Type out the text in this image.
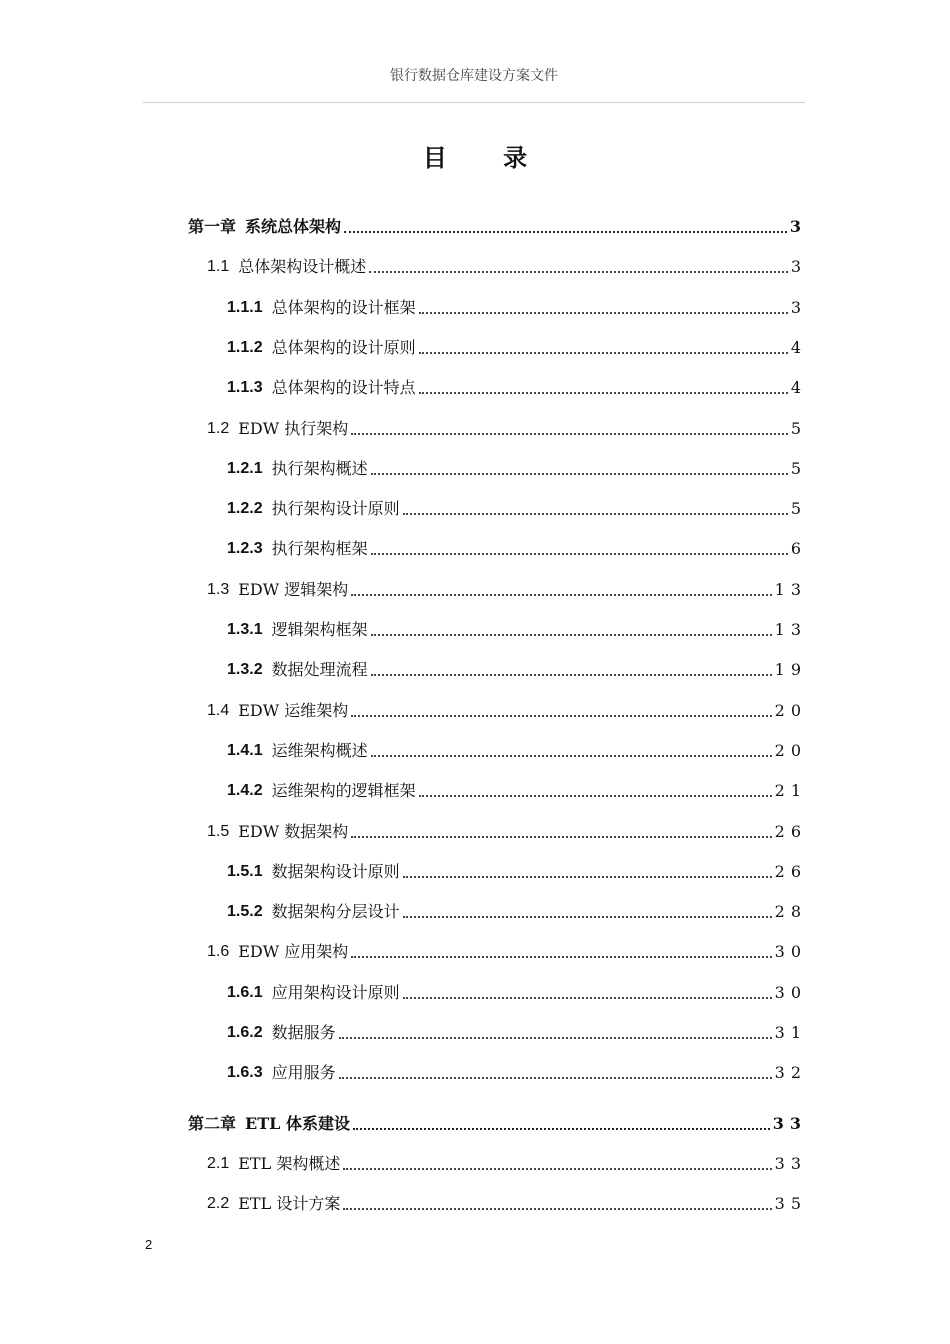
银行数据仓库建设方案文件
目 录
第一章 系统总体架构	3
1.1 总体架构设计概述	3
1.1.1 总体架构的设计框架	3
1.1.2 总体架构的设计原则	4
1.1.3 总体架构的设计特点	4
1.2 EDW 执行架构	5
1.2.1 执行架构概述	5
1.2.2 执行架构设计原则	5
1.2.3 执行架构框架	6
1.3 EDW 逻辑架构	13
1.3.1 逻辑架构框架	13
1.3.2 数据处理流程	19
1.4 EDW 运维架构	20
1.4.1 运维架构概述	20
1.4.2 运维架构的逻辑框架	21
1.5 EDW 数据架构	26
1.5.1 数据架构设计原则	26
1.5.2 数据架构分层设计	28
1.6 EDW 应用架构	30
1.6.1 应用架构设计原则	30
1.6.2 数据服务	31
1.6.3 应用服务	32
第二章 ETL 体系建设	33
2.1 ETL 架构概述	33
2.2 ETL 设计方案	35
2
